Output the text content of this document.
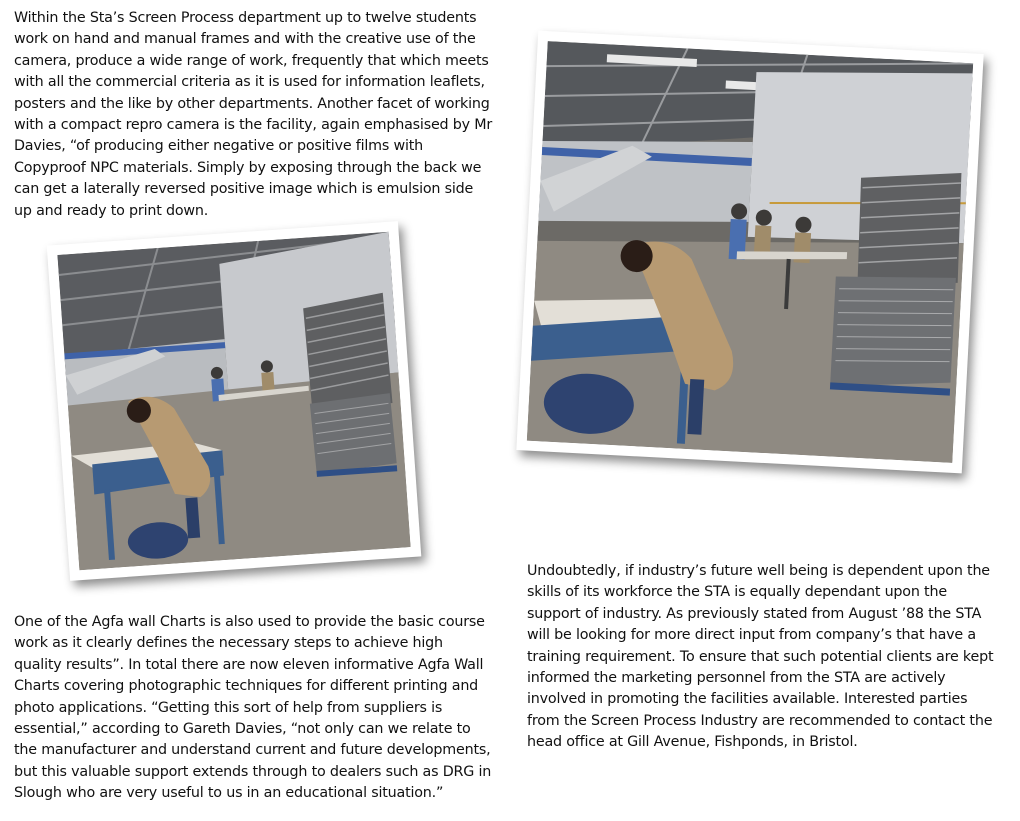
Within the Sta’s Screen Process department up to twelve students work on hand and manual frames and with the creative use of the camera, produce a wide range of work, frequently that which meets with all the commercial criteria as it is used for information leaflets, posters and the like by other departments. Another facet of working with a compact repro camera is the facility, again emphasised by Mr Davies, “of producing either negative or positive films with Copyproof NPC materials. Simply by exposing through the back we can get a laterally reversed positive image which is emulsion side up and ready to print down.

One of the Agfa wall Charts is also used to provide the basic course work as it clearly defines the necessary steps to achieve high quality results”. In total there are now eleven informative Agfa Wall Charts covering photographic techniques for different printing and photo applications. “Getting this sort of help from suppliers is essential,” according to Gareth Davies, “not only can we relate to the manufacturer and understand current and future developments, but this valuable support extends through to dealers such as DRG in Slough who are very useful to us in an educational situation.”

Undoubtedly, if industry’s future well being is dependent upon the skills of its workforce the STA is equally dependant upon the support of industry. As previously stated from August ’88 the STA will be looking for more direct input from company’s that have a training requirement. To ensure that such potential clients are kept informed the marketing personnel from the STA are actively involved in promoting the facilities available. Interested parties from the Screen Process Industry are recommended to contact the head office at Gill Avenue, Fishponds, in Bristol.
